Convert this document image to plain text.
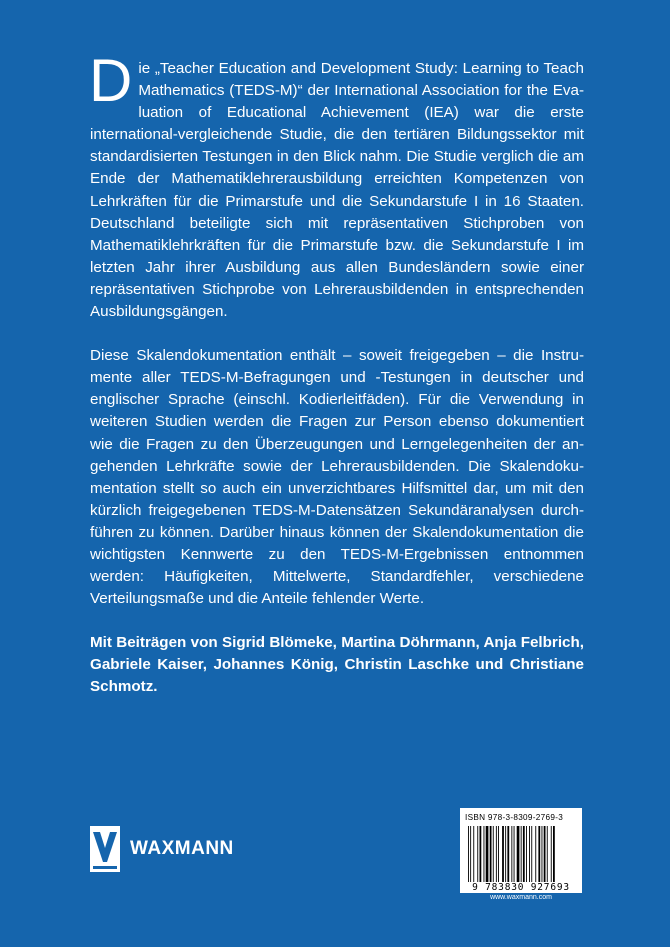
Die „Teacher Education and Development Study: Learning to Teach Mathematics (TEDS-M)“ der International Association for the Evaluation of Educational Achievement (IEA) war die erste international-vergleichende Studie, die den tertiären Bildungssektor mit standardisierten Testungen in den Blick nahm. Die Studie verglich die am Ende der Mathematiklehrerausbildung erreichten Kompetenzen von Lehrkräften für die Primarstufe und die Sekundarstufe I in 16 Staaten. Deutschland beteiligte sich mit repräsentativen Stichproben von Mathematiklehrkräften für die Primarstufe bzw. die Sekundarstufe I im letzten Jahr ihrer Ausbildung aus allen Bundesländern sowie einer repräsentativen Stichprobe von Lehrerausbildenden in entsprechenden Ausbildungsgängen.

Diese Skalendokumentation enthält – soweit freigegeben – die Instrumente aller TEDS-M-Befragungen und -Testungen in deutscher und englischer Sprache (einschl. Kodierleitfäden). Für die Verwendung in weiteren Studien werden die Fragen zur Person ebenso dokumentiert wie die Fragen zu den Überzeugungen und Lerngelegenheiten der angehenden Lehrkräfte sowie der Lehrerausbildenden. Die Skalendokumentation stellt so auch ein unverzichtbares Hilfsmittel dar, um mit den kürzlich freigegebenen TEDS-M-Datensätzen Sekundäranalysen durchführen zu können. Darüber hinaus können der Skalendokumentation die wichtigsten Kennwerte zu den TEDS-M-Ergebnissen entnommen werden: Häufigkeiten, Mittelwerte, Standardfehler, verschiedene Verteilungsmaße und die Anteile fehlender Werte.

Mit Beiträgen von Sigrid Blömeke, Martina Döhrmann, Anja Felbrich, Gabriele Kaiser, Johannes König, Christin Laschke und Christiane Schmotz.

WAXMANN
ISBN 978-3-8309-2769-3
9 783830 927693
www.waxmann.com
